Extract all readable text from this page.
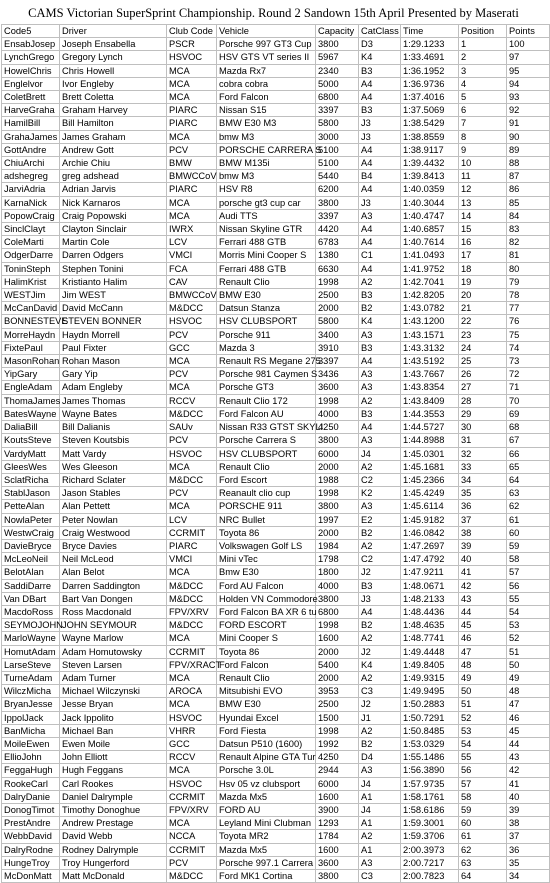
CAMS Victorian SuperSprint Championship. Round 2 Sandown 15th April Presented by Maserati
Code5	Driver	Club Code	Vehicle	Capacity	CatClass	Time	Position	Points
EnsabJosep	Joseph Ensabella	PSCR	Porsche 997 GT3 Cup	3800	D3	1:29.1233	1	100
LynchGrego	Gregory Lynch	HSVOC	HSV GTS VT series II	5967	K4	1:33.4691	2	97
HowelChris	Chris Howell	MCA	Mazda Rx7	2340	B3	1:36.1952	3	95
Englelvor	Ivor Engleby	MCA	cobra cobra	5000	A4	1:36.9736	4	94
ColetBrett	Brett Coletta	MCA	Ford Falcon	6800	A4	1:37.4016	5	93
HarveGraha	Graham Harvey	PIARC	Nissan S15	3397	B3	1:37.5069	6	92
HamilBill	Bill Hamilton	PIARC	BMW E30 M3	5800	J3	1:38.5429	7	91
GrahaJames	James Graham	MCA	bmw M3	3000	J3	1:38.8559	8	90
GottAndre	Andrew Gott	PCV	PORSCHE CARRERA S	5100	A4	1:38.9117	9	89
ChiuArchi	Archie Chiu	BMW	BMW M135i	5100	A4	1:39.4432	10	88
adshegreg	greg adshead	BMWCCoV	bmw M3	5440	B4	1:39.8413	11	87
JarviAdria	Adrian Jarvis	PIARC	HSV R8	6200	A4	1:40.0359	12	86
KarnaNick	Nick Karnaros	MCA	porsche gt3 cup car	3800	J3	1:40.3044	13	85
PopowCraig	Craig Popowski	MCA	Audi TTS	3397	A3	1:40.4747	14	84
SinclClayt	Clayton Sinclair	IWRX	Nissan Skyline GTR	4420	A4	1:40.6857	15	83
ColeMarti	Martin Cole	LCV	Ferrari 488 GTB	6783	A4	1:40.7614	16	82
OdgerDarre	Darren Odgers	VMCI	Morris Mini Cooper S	1380	C1	1:41.0493	17	81
ToninSteph	Stephen Tonini	FCA	Ferrari 488 GTB	6630	A4	1:41.9752	18	80
HalimKrist	Kristianto Halim	CAV	Renault Clio	1998	A2	1:42.7041	19	79
WESTJim	Jim WEST	BMWCCoV	BMW E30	2500	B3	1:42.8205	20	78
McCanDavid	David McCann	M&DCC	Datsun Stanza	2000	B2	1:43.0782	21	77
BONNESTEVE	STEVEN BONNER	HSVOC	HSV CLUBSPORT	5800	K4	1:43.1200	22	76
MorreHaydn	Haydn Morrell	PCV	Porsche 911	3400	A3	1:43.1571	23	75
FixtePaul	Paul Fixter	GCC	Mazda 3	3910	B3	1:43.3132	24	74
MasonRohan	Rohan Mason	MCA	Renault RS Megane 275	3397	A4	1:43.5192	25	73
YipGary	Gary Yip	PCV	Porsche 981 Caymen S	3436	A3	1:43.7667	26	72
EngleAdam	Adam Engleby	MCA	Porsche GT3	3600	A3	1:43.8354	27	71
ThomaJames	James Thomas	RCCV	Renault Clio 172	1998	A2	1:43.8409	28	70
BatesWayne	Wayne Bates	M&DCC	Ford Falcon AU	4000	B3	1:44.3553	29	69
DaliaBill	Bill Dalianis	SAUv	Nissan R33 GTST SKYLI	4250	A4	1:44.5727	30	68
KoutsSteve	Steven Koutsbis	PCV	Porsche Carrera S	3800	A3	1:44.8988	31	67
VardyMatt	Matt Vardy	HSVOC	HSV CLUBSPORT	6000	J4	1:45.0301	32	66
GleesWes	Wes Gleeson	MCA	Renault Clio	2000	A2	1:45.1681	33	65
SclatRicha	Richard Sclater	M&DCC	Ford Escort	1988	C2	1:45.2366	34	64
StablJason	Jason Stables	PCV	Reanault clio cup	1998	K2	1:45.4249	35	63
PetteAlan	Alan Pettett	MCA	PORSCHE 911	3800	A3	1:45.6114	36	62
NowlaPeter	Peter Nowlan	LCV	NRC Bullet	1997	E2	1:45.9182	37	61
WestwCraig	Craig Westwood	CCRMIT	Toyota 86	2000	B2	1:46.0842	38	60
DavieBryce	Bryce Davies	PIARC	Volkswagen Golf LS	1984	A2	1:47.2697	39	59
McLeoNeil	Neil McLeod	VMCI	Mini vTec	1798	C2	1:47.4792	40	58
BelotAlan	Alan Belot	MCA	Bmw E30	1800	J2	1:47.9211	41	57
SaddiDarre	Darren Saddington	M&DCC	Ford AU Falcon	4000	B3	1:48.0671	42	56
Van DBart	Bart Van Dongen	M&DCC	Holden VN Commodore	3800	J3	1:48.2133	43	55
MacdoRoss	Ross Macdonald	FPV/XRV	Ford Falcon BA XR 6 tu	6800	A4	1:48.4436	44	54
SEYMOJOHN	JOHN SEYMOUR	M&DCC	FORD ESCORT	1998	B2	1:48.4635	45	53
MarloWayne	Wayne Marlow	MCA	Mini Cooper S	1600	A2	1:48.7741	46	52
HomutAdam	Adam Homutowsky	CCRMIT	Toyota 86	2000	J2	1:49.4448	47	51
LarseSteve	Steven Larsen	FPV/XRACT	Ford Falcon	5400	K4	1:49.8405	48	50
TurneAdam	Adam Turner	MCA	Renault Clio	2000	A2	1:49.9315	49	49
WilczMicha	Michael Wilczynski	AROCA	Mitsubishi EVO	3953	C3	1:49.9495	50	48
BryanJesse	Jesse Bryan	MCA	BMW E30	2500	J2	1:50.2883	51	47
IppolJack	Jack Ippolito	HSVOC	Hyundai Excel	1500	J1	1:50.7291	52	46
BanMicha	Michael Ban	VHRR	Ford Fiesta	1998	A2	1:50.8485	53	45
MoileEwen	Ewen Moile	GCC	Datsun P510 (1600)	1992	B2	1:53.0329	54	44
EllioJohn	John Elliott	RCCV	Renault Alpine GTA Tur	4250	D4	1:55.1486	55	43
FeggaHugh	Hugh Feggans	MCA	Porsche 3.0L	2944	A3	1:56.3890	56	42
RookeCarl	Carl Rookes	HSVOC	Hsv 05 vz clubsport	6000	J4	1:57.9735	57	41
DalryDanie	Daniel Dalrymple	CCRMIT	Mazda Mx5	1600	A1	1:58.1761	58	40
DonogTimot	Timothy Donoghue	FPV/XRV	FORD AU	3900	J4	1:58.6186	59	39
PrestAndre	Andrew Prestage	MCA	Leyland Mini Clubman	1293	A1	1:59.3001	60	38
WebbDavid	David Webb	NCCA	Toyota MR2	1784	A2	1:59.3706	61	37
DalryRodne	Rodney Dalrymple	CCRMIT	Mazda Mx5	1600	A1	2:00.3973	62	36
HungeTroy	Troy Hungerford	PCV	Porsche 997.1 Carrera	3600	A3	2:00.7217	63	35
McDonMatt	Matt McDonald	M&DCC	Ford MK1 Cortina	3800	C3	2:00.7823	64	34
